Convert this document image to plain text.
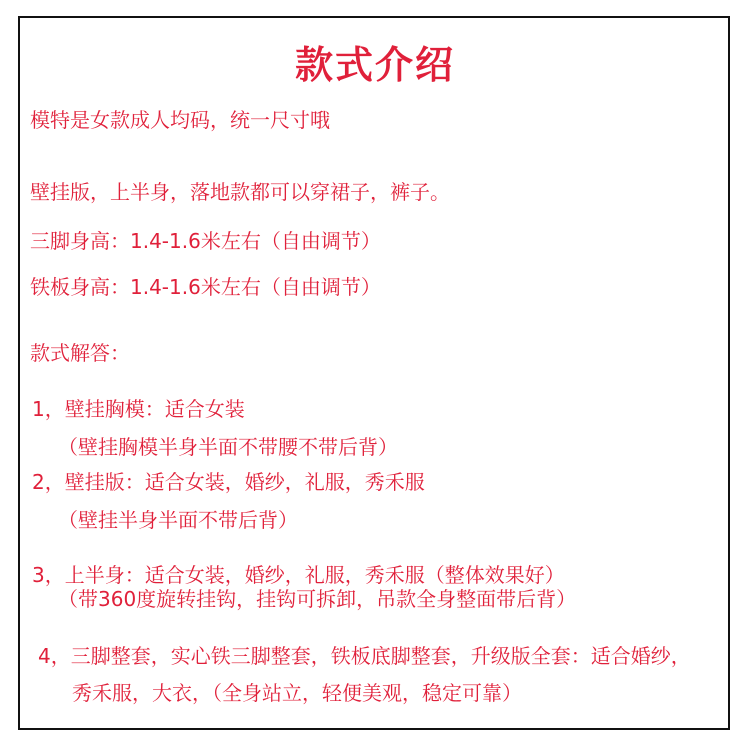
款式介绍
模特是女款成人均码，统一尺寸哦
壁挂版，上半身，落地款都可以穿裙子，裤子。
三脚身高：1.4-1.6米左右（自由调节）
铁板身高：1.4-1.6米左右（自由调节）
款式解答：
1，壁挂胸模：适合女装
（壁挂胸模半身半面不带腰不带后背）
2，壁挂版：适合女装，婚纱，礼服，秀禾服
（壁挂半身半面不带后背）
3，上半身：适合女装，婚纱，礼服，秀禾服（整体效果好）
（带360度旋转挂钩，挂钩可拆卸，吊款全身整面带后背）
4，三脚整套，实心铁三脚整套，铁板底脚整套，升级版全套：适合婚纱，
秀禾服，大衣，（全身站立，轻便美观，稳定可靠）
